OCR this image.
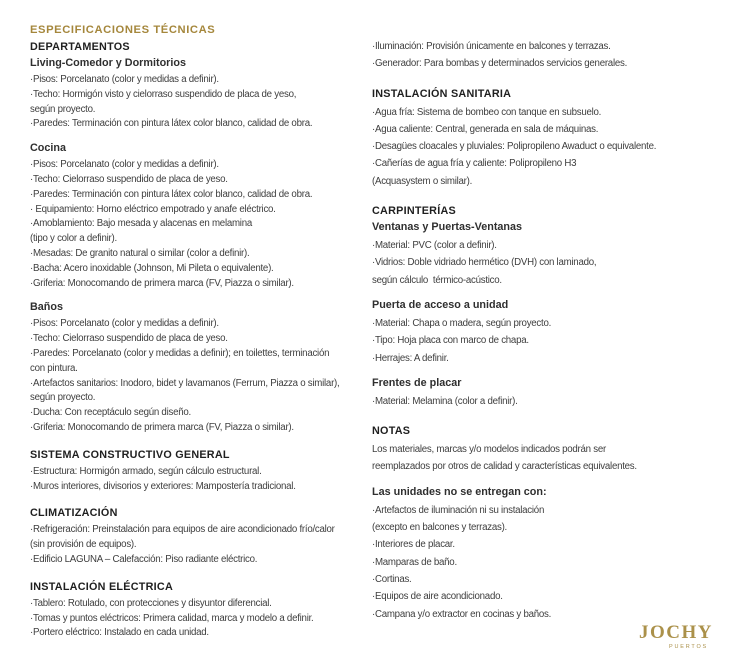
ESPECIFICACIONES TÉCNICAS
DEPARTAMENTOS
Living-Comedor y Dormitorios
·Pisos: Porcelanato (color y medidas a definir).
·Techo: Hormigón visto y cielorraso suspendido de placa de yeso,
según proyecto.
·Paredes: Terminación con pintura látex color blanco, calidad de obra.
Cocina
·Pisos: Porcelanato (color y medidas a definir).
·Techo: Cielorraso suspendido de placa de yeso.
·Paredes: Terminación con pintura látex color blanco, calidad de obra.
· Equipamiento: Horno eléctrico empotrado y anafe eléctrico.
·Amoblamiento: Bajo mesada y alacenas en melamina
(tipo y color a definir).
·Mesadas: De granito natural o similar (color a definir).
·Bacha: Acero inoxidable (Johnson, Mi Pileta o equivalente).
·Griferia: Monocomando de primera marca (FV, Piazza o similar).
Baños
·Pisos: Porcelanato (color y medidas a definir).
·Techo: Cielorraso suspendido de placa de yeso.
·Paredes: Porcelanato (color y medidas a definir); en toilettes, terminación
con pintura.
·Artefactos sanitarios: Inodoro, bidet y lavamanos (Ferrum, Piazza o similar),
según proyecto.
·Ducha: Con receptáculo según diseño.
·Griferia: Monocomando de primera marca (FV, Piazza o similar).
SISTEMA CONSTRUCTIVO GENERAL
·Estructura: Hormigón armado, según cálculo estructural.
·Muros interiores, divisorios y exteriores: Mampostería tradicional.
CLIMATIZACIÓN
·Refrigeración: Preinstalación para equipos de aire acondicionado frío/calor
(sin provisión de equipos).
·Edificio LAGUNA – Calefacción: Piso radiante eléctrico.
INSTALACIÓN ELÉCTRICA
·Tablero: Rotulado, con protecciones y disyuntor diferencial.
·Tomas y puntos eléctricos: Primera calidad, marca y modelo a definir.
·Portero eléctrico: Instalado en cada unidad.
·Iluminación: Provisión únicamente en balcones y terrazas.
·Generador: Para bombas y determinados servicios generales.
INSTALACIÓN SANITARIA
·Agua fría: Sistema de bombeo con tanque en subsuelo.
·Agua caliente: Central, generada en sala de máquinas.
·Desagües cloacales y pluviales: Polipropileno Awaduct o equivalente.
·Cañerías de agua fría y caliente: Polipropileno H3
(Acquasystem o similar).
CARPINTERÍAS
Ventanas y Puertas-Ventanas
·Material: PVC (color a definir).
·Vidrios: Doble vidriado hermético (DVH) con laminado,
según cálculo  térmico-acústico.
Puerta de acceso a unidad
·Material: Chapa o madera, según proyecto.
·Tipo: Hoja placa con marco de chapa.
·Herrajes: A definir.
Frentes de placar
·Material: Melamina (color a definir).
NOTAS
Los materiales, marcas y/o modelos indicados podrán ser
reemplazados por otros de calidad y características equivalentes.
Las unidades no se entregan con:
·Artefactos de iluminación ni su instalación
(excepto en balcones y terrazas).
·Interiores de placar.
·Mamparas de baño.
·Cortinas.
·Equipos de aire acondicionado.
·Campana y/o extractor en cocinas y baños.
JOCHY
PUERTOS
